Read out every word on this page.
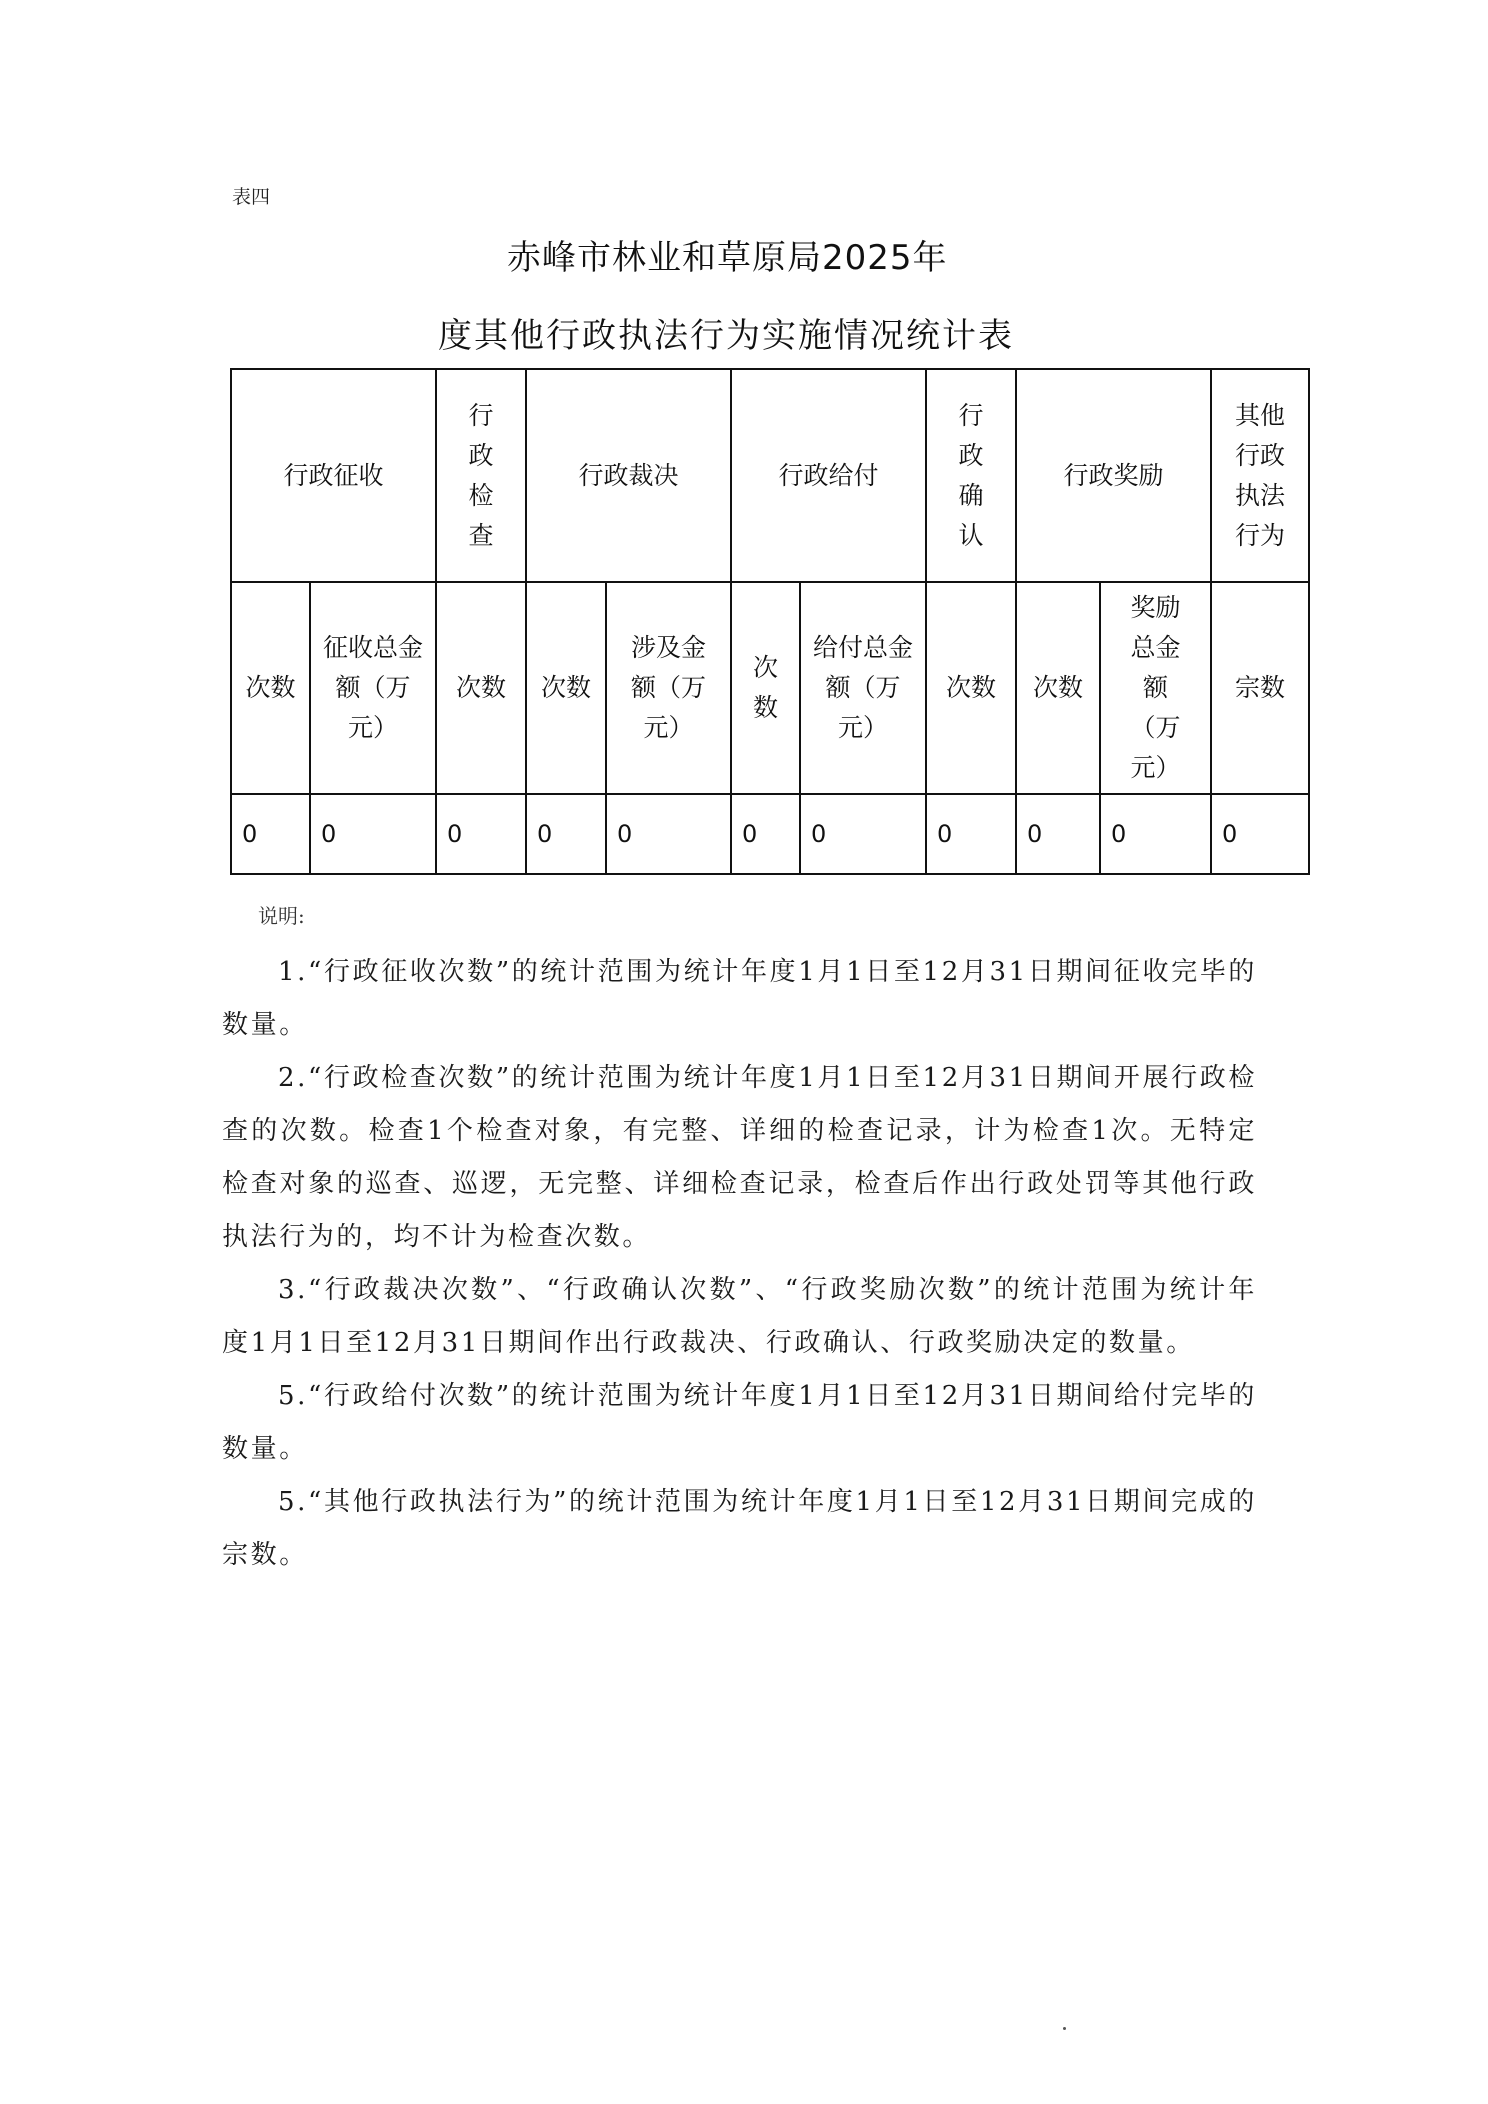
表四
赤峰市林业和草原局2025年
度其他行政执法行为实施情况统计表
行政征收		行政检查	行政裁决		行政给付		行政确认	行政奖励		其他行政执法行为
次数	征收总金额（万元）	次数	次数	涉及金额（万元）	次数	给付总金额（万元）	次数	次数	奖励总金额（万元）	宗数
0	0	0	0	0	0	0	0	0	0	0
说明:

1.“行政征收次数”的统计范围为统计年度1月1日至12月31日期间征收完毕的数量。

2.“行政检查次数”的统计范围为统计年度1月1日至12月31日期间开展行政检查的次数。检查1个检查对象，有完整、详细的检查记录，计为检查1次。无特定检查对象的巡查、巡逻，无完整、详细检查记录，检查后作出行政处罚等其他行政执法行为的，均不计为检查次数。

3.“行政裁决次数”、“行政确认次数”、“行政奖励次数”的统计范围为统计年度1月1日至12月31日期间作出行政裁决、行政确认、行政奖励决定的数量。

5.“行政给付次数”的统计范围为统计年度1月1日至12月31日期间给付完毕的数量。

5.“其他行政执法行为”的统计范围为统计年度1月1日至12月31日期间完成的宗数。
